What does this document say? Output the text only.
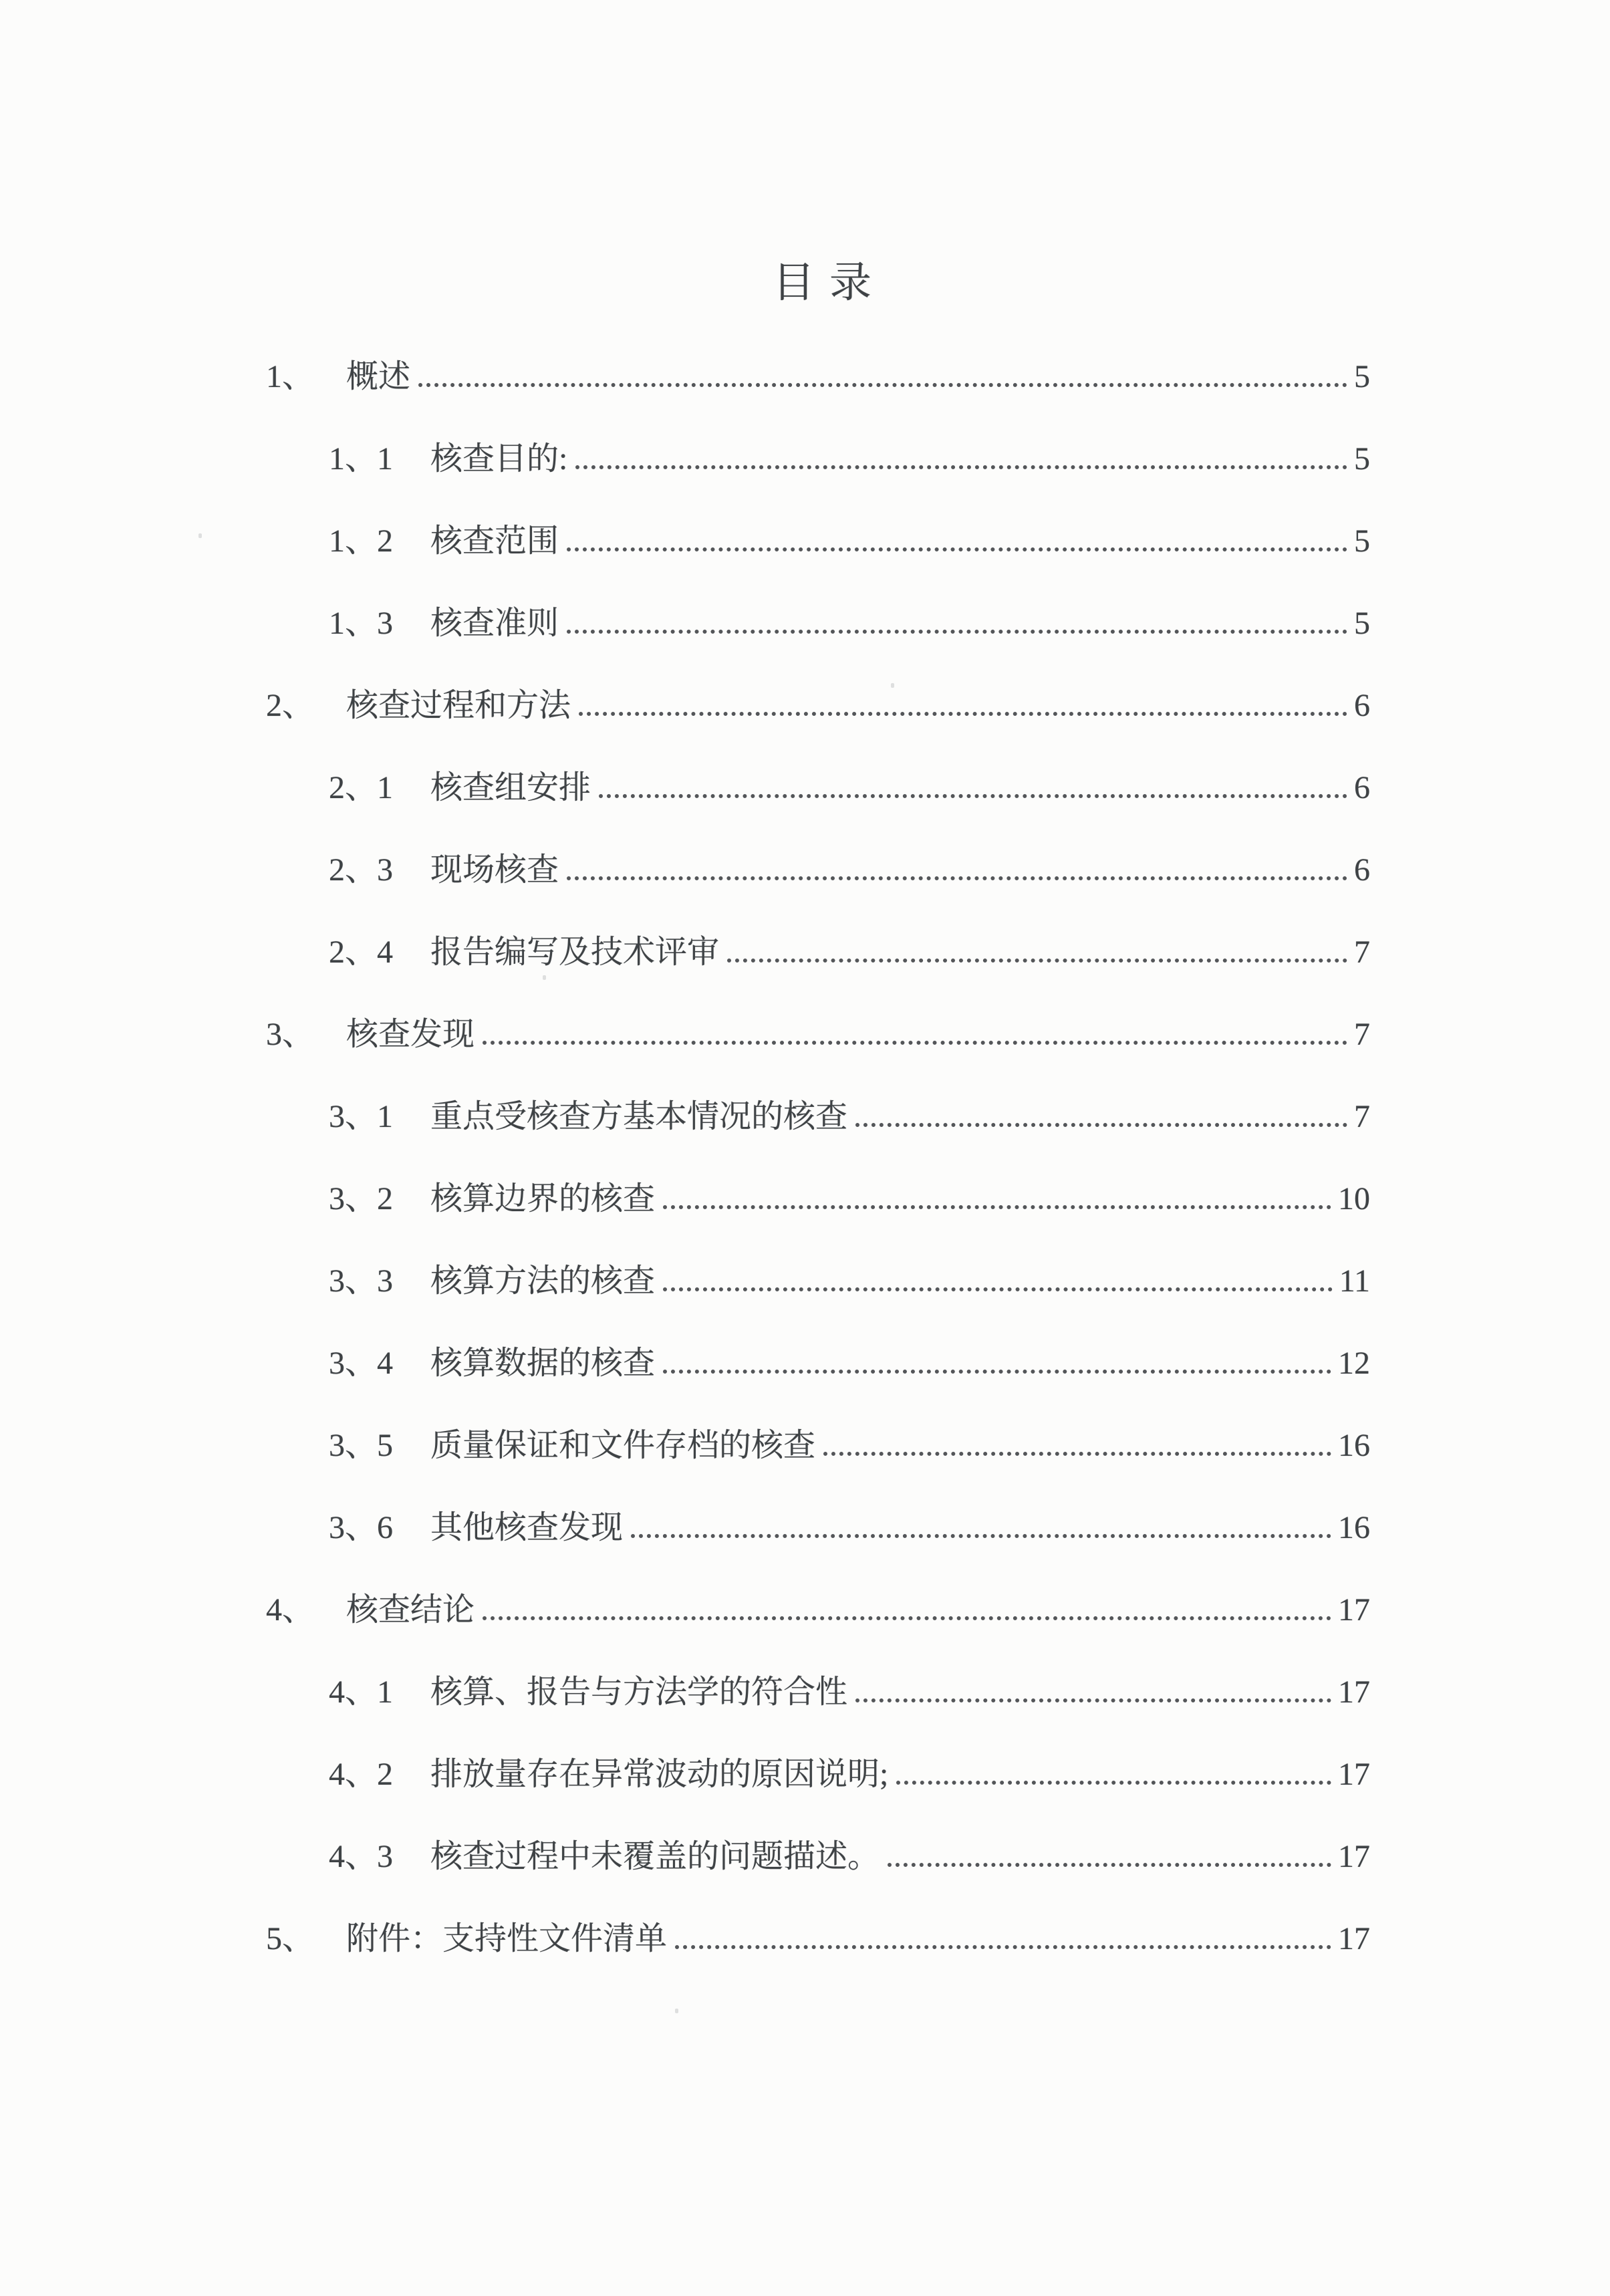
目录
1、 概述	5
1、1	核查目的:	5
1、2	核查范围	5
1、3	核查准则	5
2、 核查过程和方法	6
2、1	核查组安排	6
2、3	现场核查	6
2、4	报告编写及技术评审	7
3、 核查发现	7
3、1	重点受核查方基本情况的核查	7
3、2	核算边界的核查	10
3、3	核算方法的核查	11
3、4	核算数据的核查	12
3、5	质量保证和文件存档的核查	16
3、6	其他核查发现	16
4、 核查结论	17
4、1	核算、报告与方法学的符合性	17
4、2	排放量存在异常波动的原因说明;	17
4、3	核查过程中未覆盖的问题描述。	17
5、 附件：支持性文件清单	17
